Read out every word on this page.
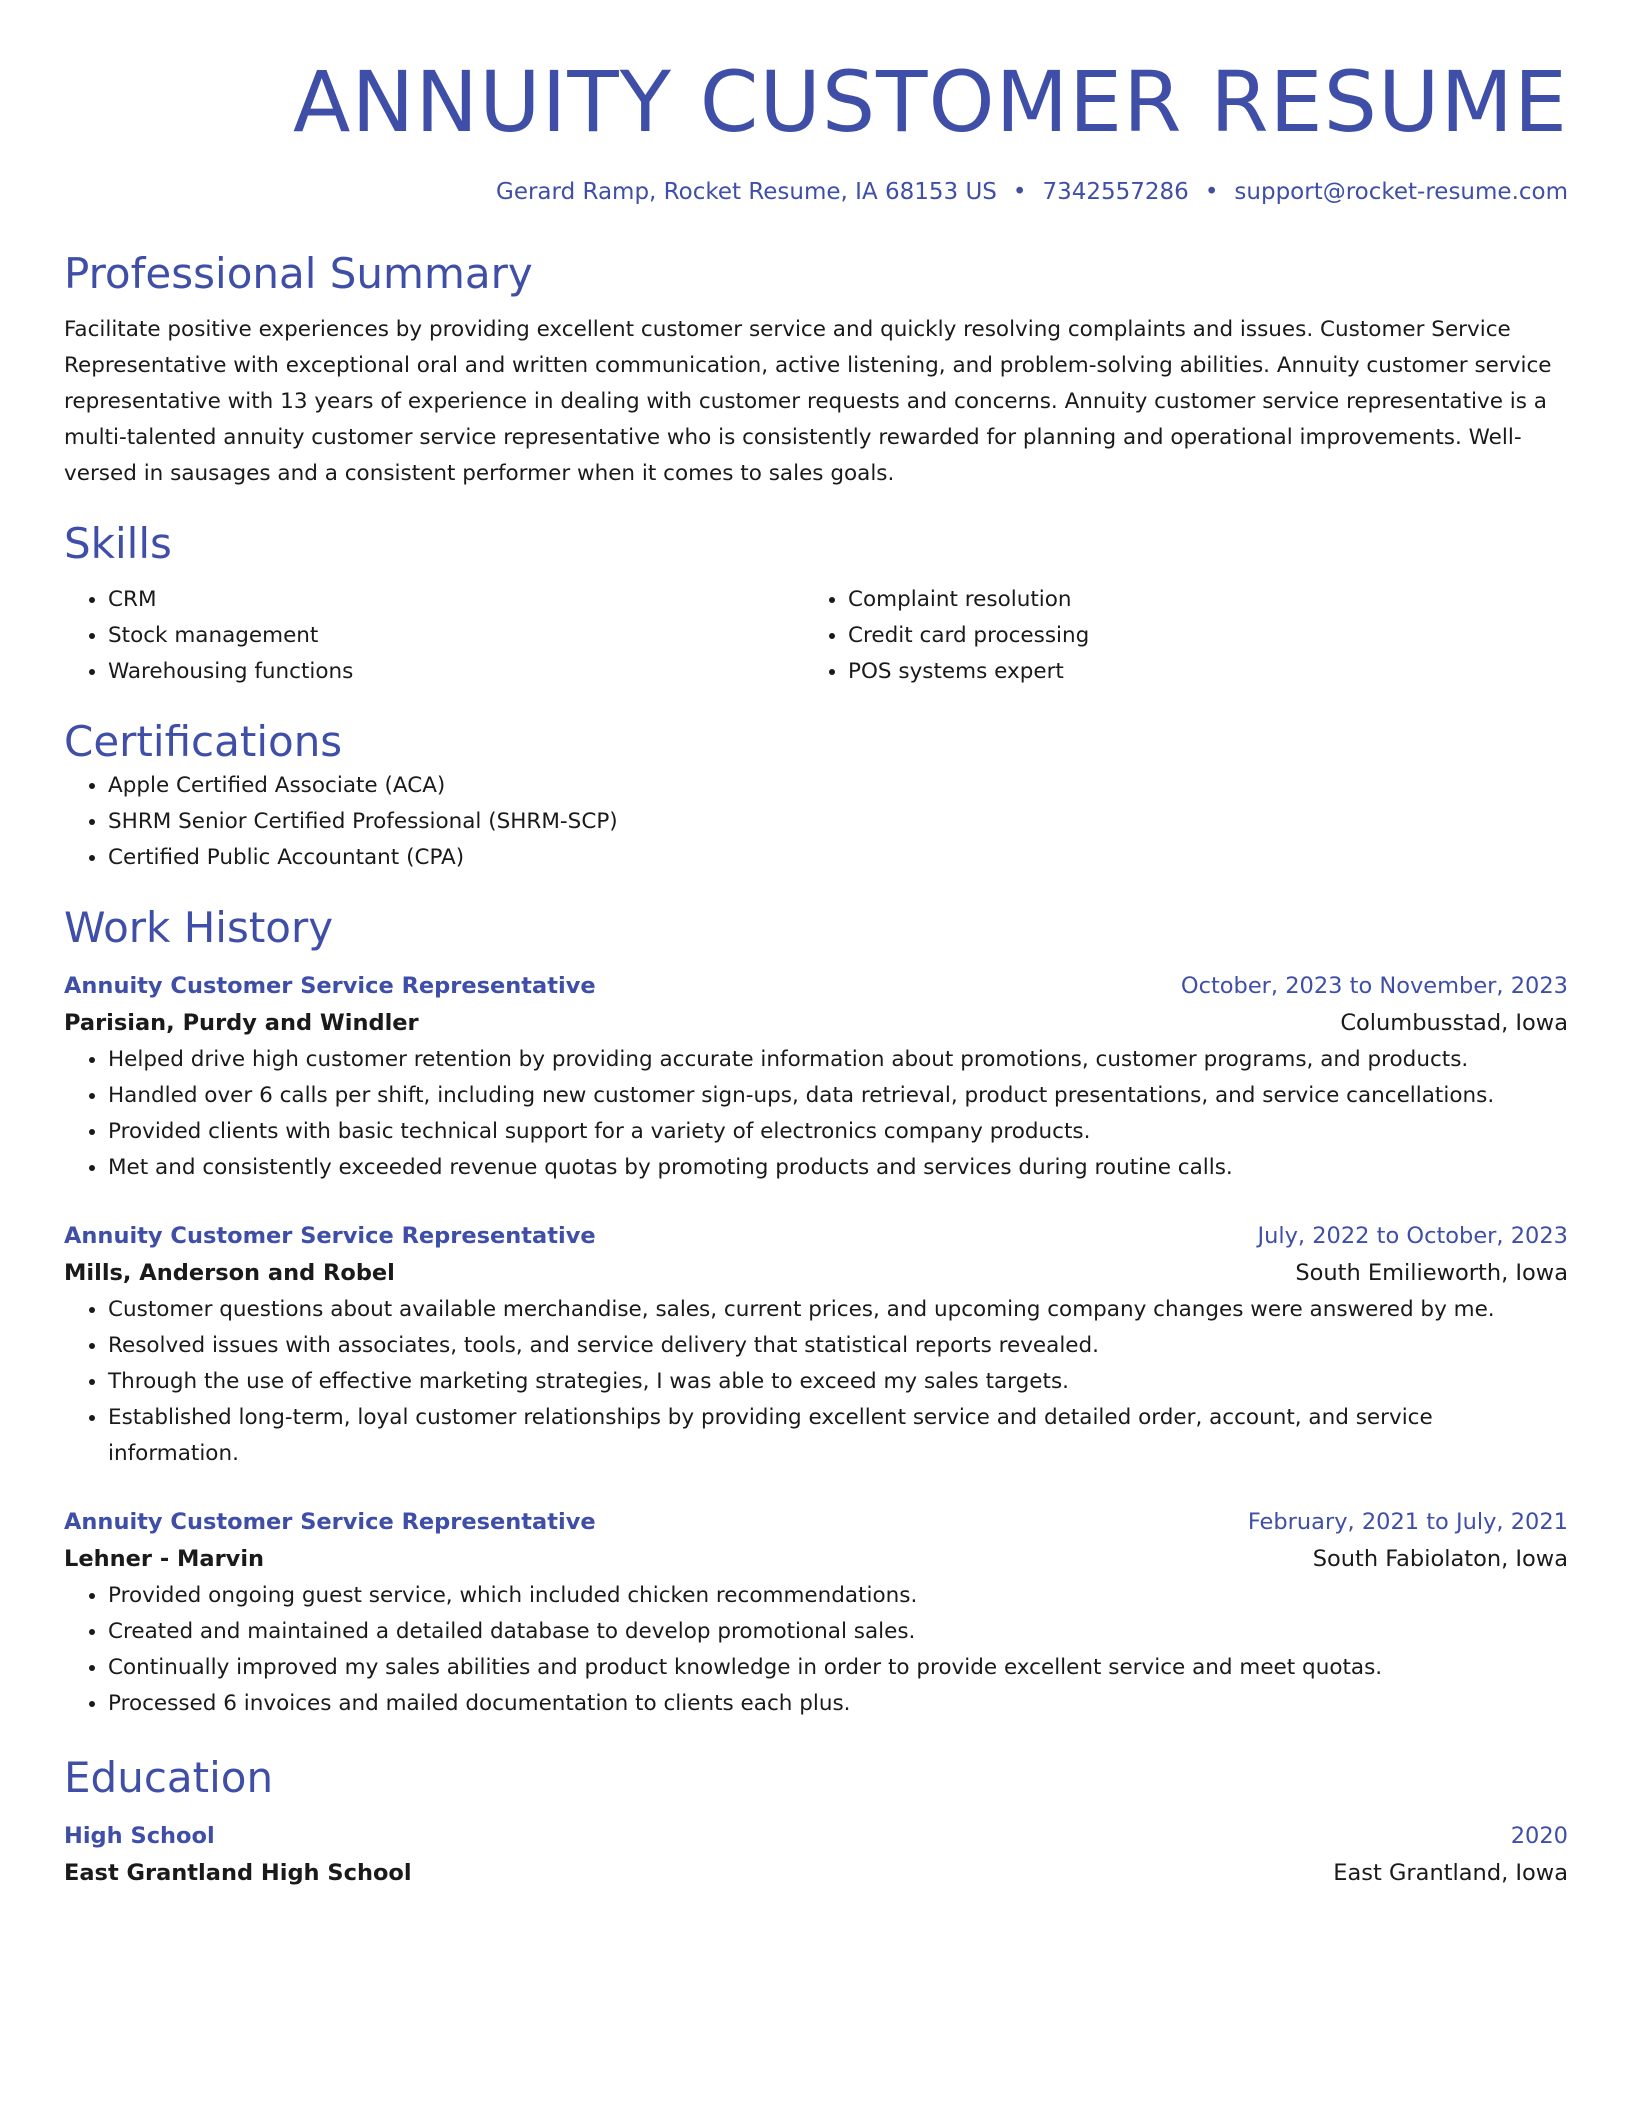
ANNUITY CUSTOMER RESUME
Gerard Ramp, Rocket Resume, IA 68153 US • 7342557286 • support@rocket-resume.com
Professional Summary
Facilitate positive experiences by providing excellent customer service and quickly resolving complaints and issues. Customer Service Representative with exceptional oral and written communication, active listening, and problem-solving abilities. Annuity customer service representative with 13 years of experience in dealing with customer requests and concerns. Annuity customer service representative is a multi-talented annuity customer service representative who is consistently rewarded for planning and operational improvements. Well-versed in sausages and a consistent performer when it comes to sales goals.
Skills
• CRM
• Stock management
• Warehousing functions
• Complaint resolution
• Credit card processing
• POS systems expert
Certifications
• Apple Certified Associate (ACA)
• SHRM Senior Certified Professional (SHRM-SCP)
• Certified Public Accountant (CPA)
Work History
Annuity Customer Service Representative	October, 2023 to November, 2023
Parisian, Purdy and Windler	Columbusstad, Iowa
• Helped drive high customer retention by providing accurate information about promotions, customer programs, and products.
• Handled over 6 calls per shift, including new customer sign-ups, data retrieval, product presentations, and service cancellations.
• Provided clients with basic technical support for a variety of electronics company products.
• Met and consistently exceeded revenue quotas by promoting products and services during routine calls.
Annuity Customer Service Representative	July, 2022 to October, 2023
Mills, Anderson and Robel	South Emilieworth, Iowa
• Customer questions about available merchandise, sales, current prices, and upcoming company changes were answered by me.
• Resolved issues with associates, tools, and service delivery that statistical reports revealed.
• Through the use of effective marketing strategies, I was able to exceed my sales targets.
• Established long-term, loyal customer relationships by providing excellent service and detailed order, account, and service information.
Annuity Customer Service Representative	February, 2021 to July, 2021
Lehner - Marvin	South Fabiolaton, Iowa
• Provided ongoing guest service, which included chicken recommendations.
• Created and maintained a detailed database to develop promotional sales.
• Continually improved my sales abilities and product knowledge in order to provide excellent service and meet quotas.
• Processed 6 invoices and mailed documentation to clients each plus.
Education
High School	2020
East Grantland High School	East Grantland, Iowa
